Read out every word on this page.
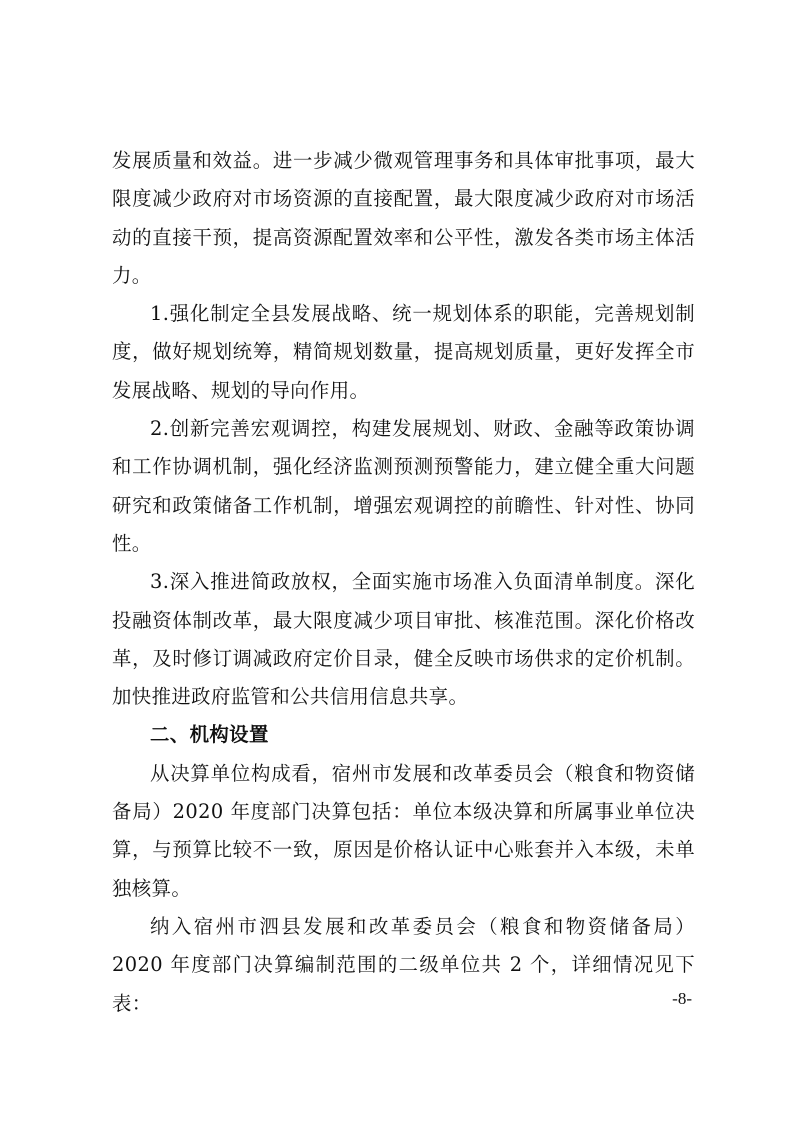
发展质量和效益。进一步减少微观管理事务和具体审批事项，最大限度减少政府对市场资源的直接配置，最大限度减少政府对市场活动的直接干预，提高资源配置效率和公平性，激发各类市场主体活力。

1.强化制定全县发展战略、统一规划体系的职能，完善规划制度，做好规划统筹，精简规划数量，提高规划质量，更好发挥全市发展战略、规划的导向作用。

2.创新完善宏观调控，构建发展规划、财政、金融等政策协调和工作协调机制，强化经济监测预测预警能力，建立健全重大问题研究和政策储备工作机制，增强宏观调控的前瞻性、针对性、协同性。

3.深入推进简政放权，全面实施市场准入负面清单制度。深化投融资体制改革，最大限度减少项目审批、核准范围。深化价格改革，及时修订调减政府定价目录，健全反映市场供求的定价机制。加快推进政府监管和公共信用信息共享。

二、机构设置

从决算单位构成看，宿州市发展和改革委员会（粮食和物资储备局）2020 年度部门决算包括：单位本级决算和所属事业单位决算，与预算比较不一致，原因是价格认证中心账套并入本级，未单独核算。

纳入宿州市泗县发展和改革委员会（粮食和物资储备局）2020 年度部门决算编制范围的二级单位共 2 个，详细情况见下表：	-8-
